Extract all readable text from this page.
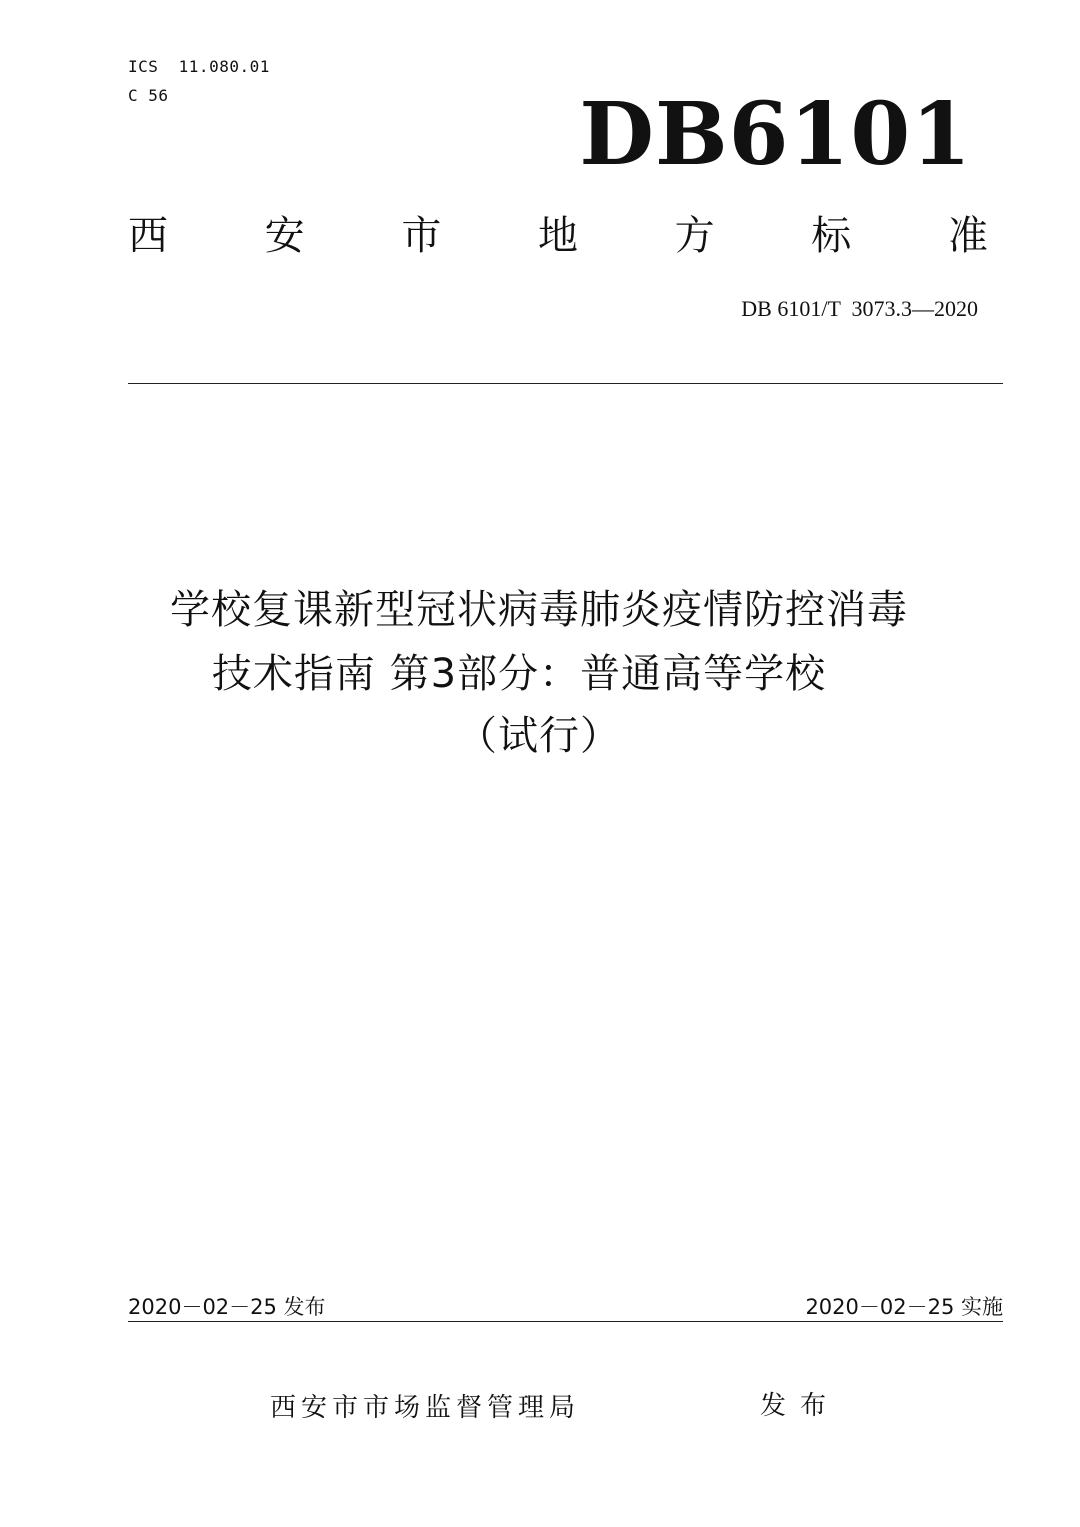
ICS  11.080.01
C 56	DB6101
西 安 市 地 方 标 准
DB 6101/T  3073.3—2020
学校复课新型冠状病毒肺炎疫情防控消毒
技术指南 第3部分：普通高等学校
（试行）
2020－02－25 发布	2020－02－25 实施
西安市市场监督管理局	发布
